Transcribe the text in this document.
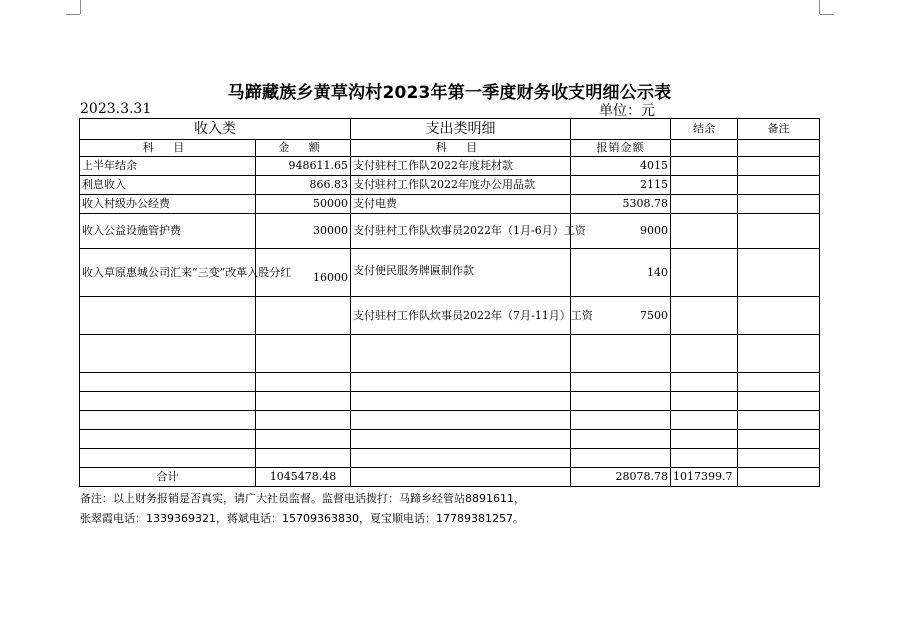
马蹄藏族乡黄草沟村2023年第一季度财务收支明细公示表
2023.3.31	单位：元
收入类		支出类明细		结余	备注
科 目	金 额	科 目	报销金额		
上半年结余	948611.65	支付驻村工作队2022年度耗材款	4015		
利息收入	866.83	支付驻村工作队2022年度办公用品款	2115		
收入村级办公经费	50000	支付电费	5308.78		
收入公益设施管护费	30000	支付驻村工作队炊事员2022年（1月-6月）工资	9000		
收入草原惠城公司汇来“三变”改革入股分红	16000	支付便民服务牌匾制作款	140		
		支付驻村工作队炊事员2022年（7月-11月）工资	7500		

合计	1045478.48		28078.78	1017399.7	
备注：以上财务报销是否真实，请广大社员监督。监督电话拨打：马蹄乡经管站8891611，
张翠霞电话：1339369321，蒋斌电话：15709363830，夏宝顺电话：17789381257。
